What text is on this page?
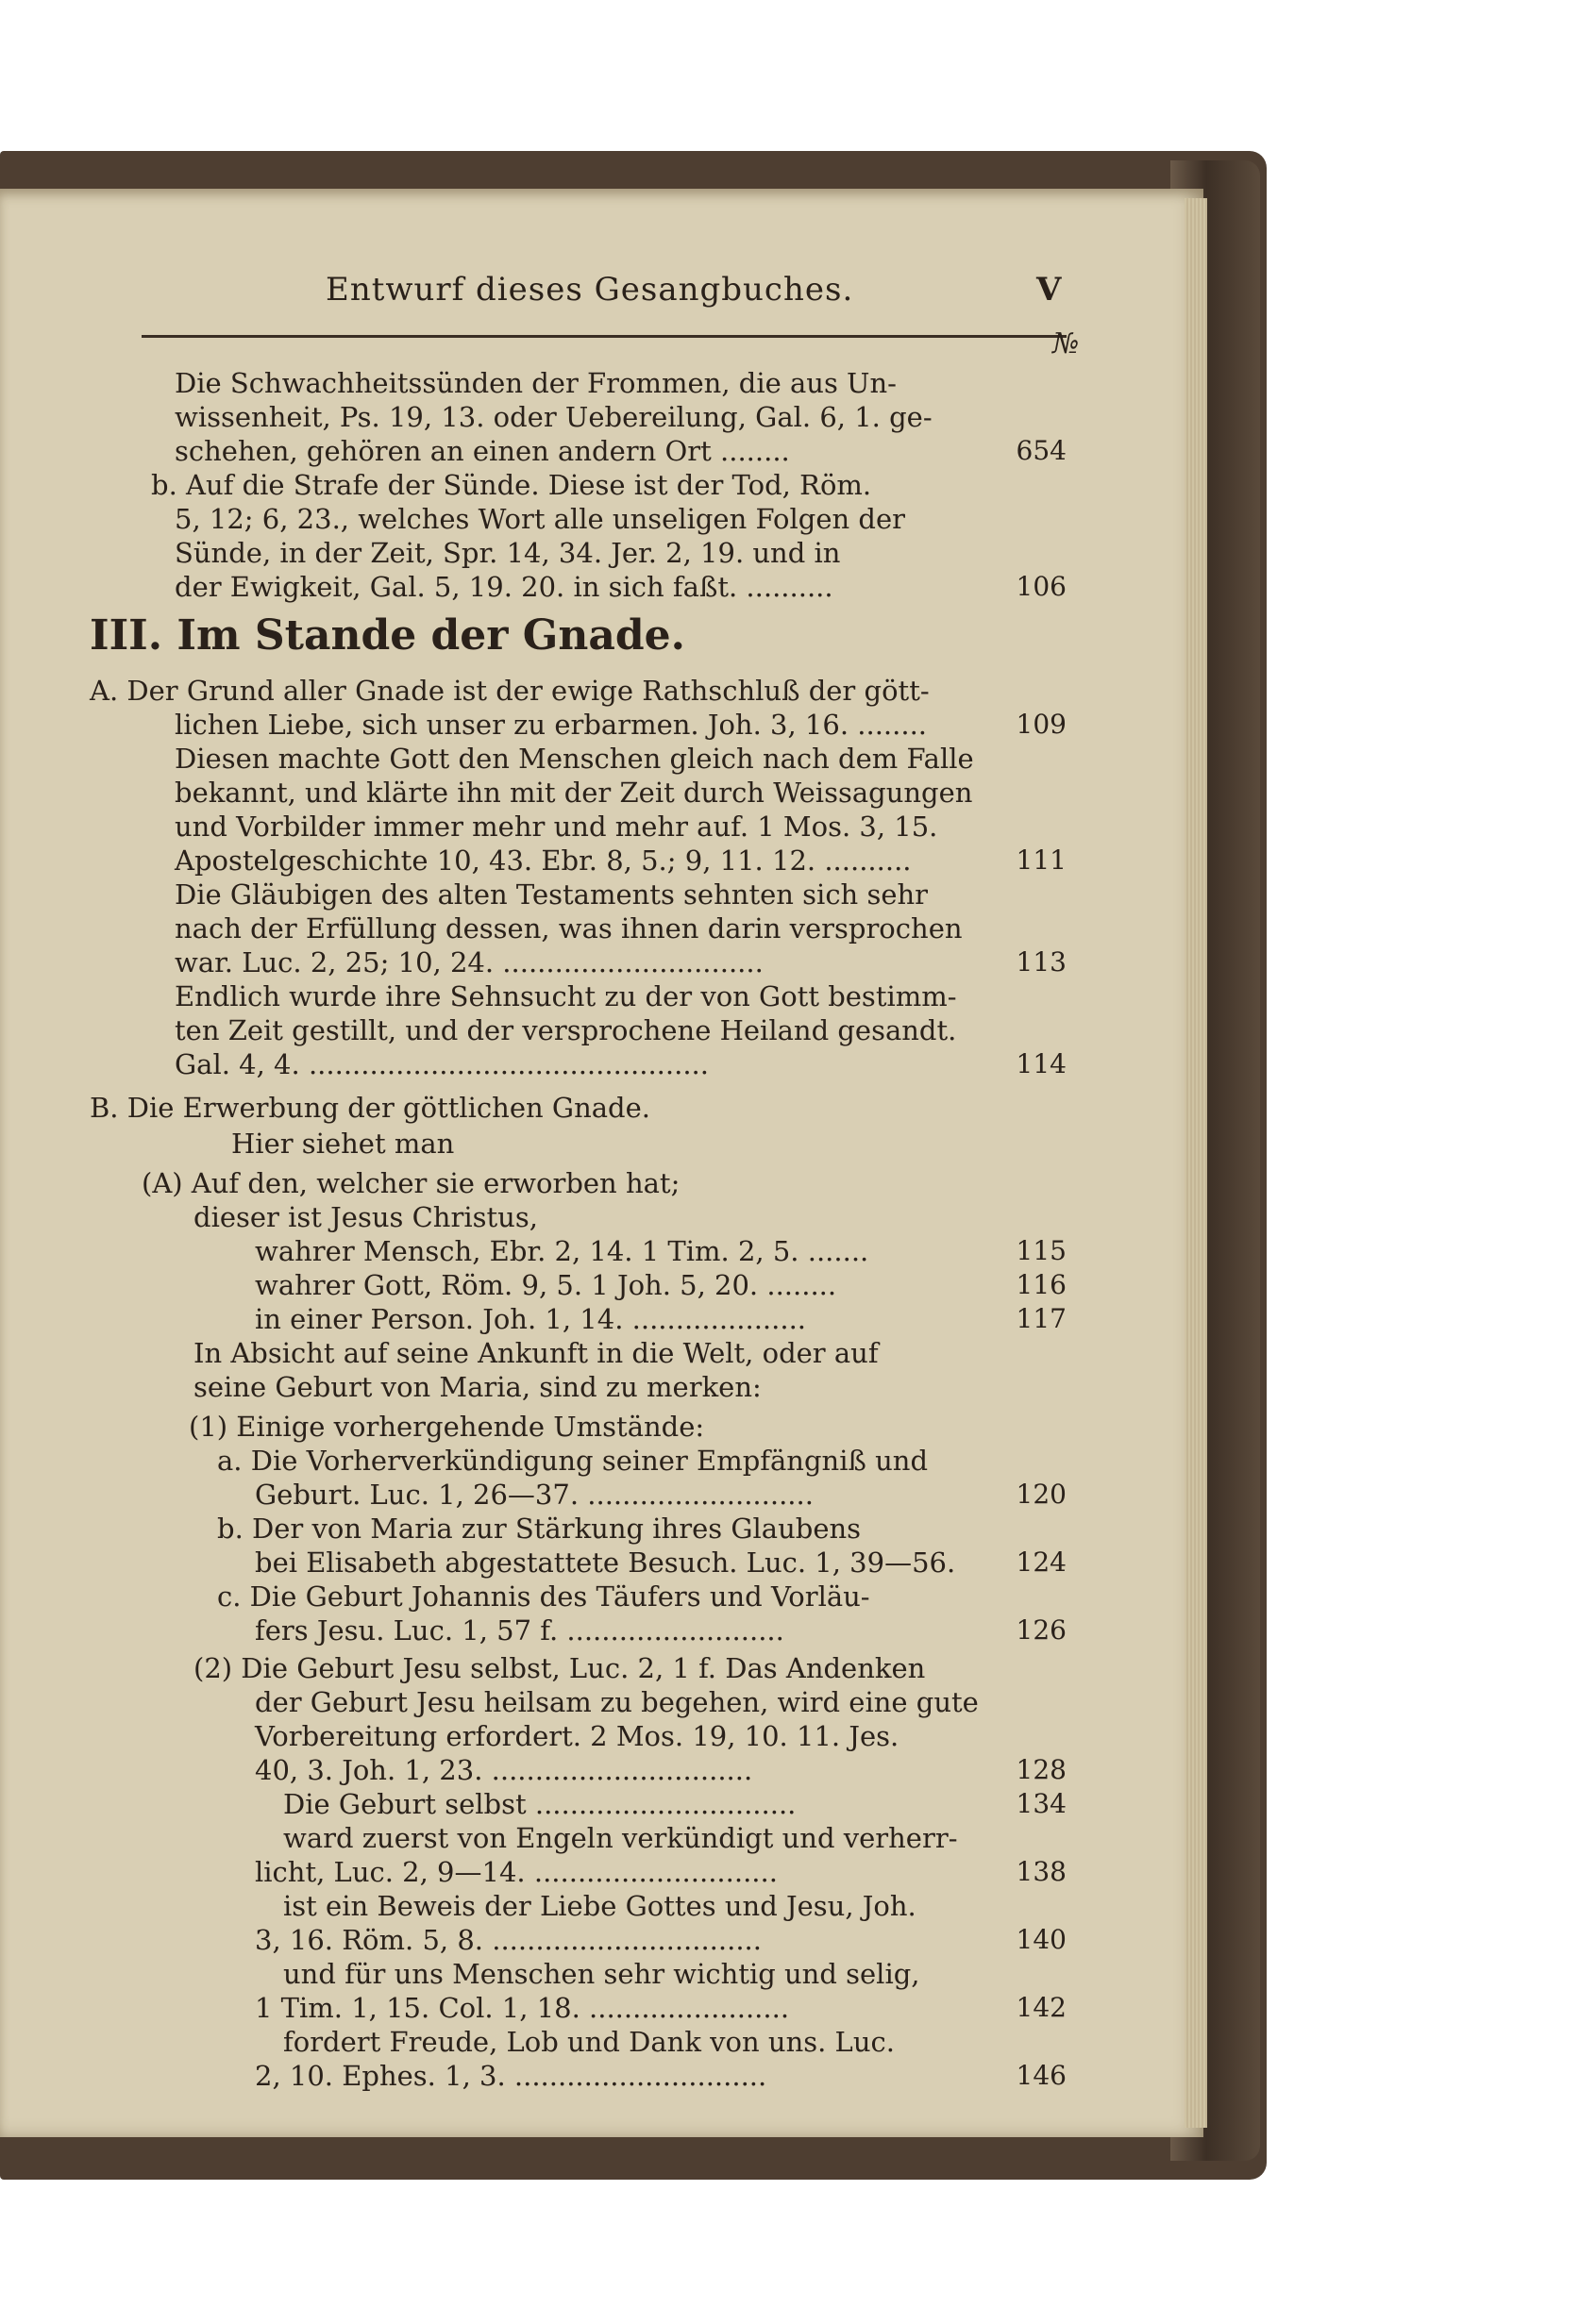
Entwurf dieses Gesangbuches.	V
№
Die Schwachheitssünden der Frommen, die aus Un-
wissenheit, Ps. 19, 13. oder Uebereilung, Gal. 6, 1. ge-
schehen, gehören an einen andern Ort ........	654
b. Auf die Strafe der Sünde. Diese ist der Tod, Röm.
5, 12; 6, 23., welches Wort alle unseligen Folgen der
Sünde, in der Zeit, Spr. 14, 34. Jer. 2, 19. und in
der Ewigkeit, Gal. 5, 19. 20. in sich faßt. ..........	106
III. Im Stande der Gnade.
A. Der Grund aller Gnade ist der ewige Rathschluß der gött-
lichen Liebe, sich unser zu erbarmen. Joh. 3, 16. ........	109
Diesen machte Gott den Menschen gleich nach dem Falle
bekannt, und klärte ihn mit der Zeit durch Weissagungen
und Vorbilder immer mehr und mehr auf. 1 Mos. 3, 15.
Apostelgeschichte 10, 43. Ebr. 8, 5.; 9, 11. 12. ..........	111
Die Gläubigen des alten Testaments sehnten sich sehr
nach der Erfüllung dessen, was ihnen darin versprochen
war. Luc. 2, 25; 10, 24. ..............................	113
Endlich wurde ihre Sehnsucht zu der von Gott bestimm-
ten Zeit gestillt, und der versprochene Heiland gesandt.
Gal. 4, 4. ..............................................	114
B. Die Erwerbung der göttlichen Gnade.
Hier siehet man
(A) Auf den, welcher sie erworben hat;
dieser ist Jesus Christus,
wahrer Mensch, Ebr. 2, 14. 1 Tim. 2, 5. .......	115
wahrer Gott, Röm. 9, 5. 1 Joh. 5, 20. ........	116
in einer Person. Joh. 1, 14. ....................	117
In Absicht auf seine Ankunft in die Welt, oder auf
seine Geburt von Maria, sind zu merken:
(1) Einige vorhergehende Umstände:
a. Die Vorherverkündigung seiner Empfängniß und
Geburt. Luc. 1, 26—37. ..........................	120
b. Der von Maria zur Stärkung ihres Glaubens
bei Elisabeth abgestattete Besuch. Luc. 1, 39—56.	124
c. Die Geburt Johannis des Täufers und Vorläu-
fers Jesu. Luc. 1, 57 f. .........................	126
(2) Die Geburt Jesu selbst, Luc. 2, 1 f. Das Andenken
der Geburt Jesu heilsam zu begehen, wird eine gute
Vorbereitung erfordert. 2 Mos. 19, 10. 11. Jes.
40, 3. Joh. 1, 23. ..............................	128
Die Geburt selbst ..............................	134
ward zuerst von Engeln verkündigt und verherr-
licht, Luc. 2, 9—14. ............................	138
ist ein Beweis der Liebe Gottes und Jesu, Joh.
3, 16. Röm. 5, 8. ...............................	140
und für uns Menschen sehr wichtig und selig,
1 Tim. 1, 15. Col. 1, 18. .......................	142
fordert Freude, Lob und Dank von uns. Luc.
2, 10. Ephes. 1, 3. .............................	146
